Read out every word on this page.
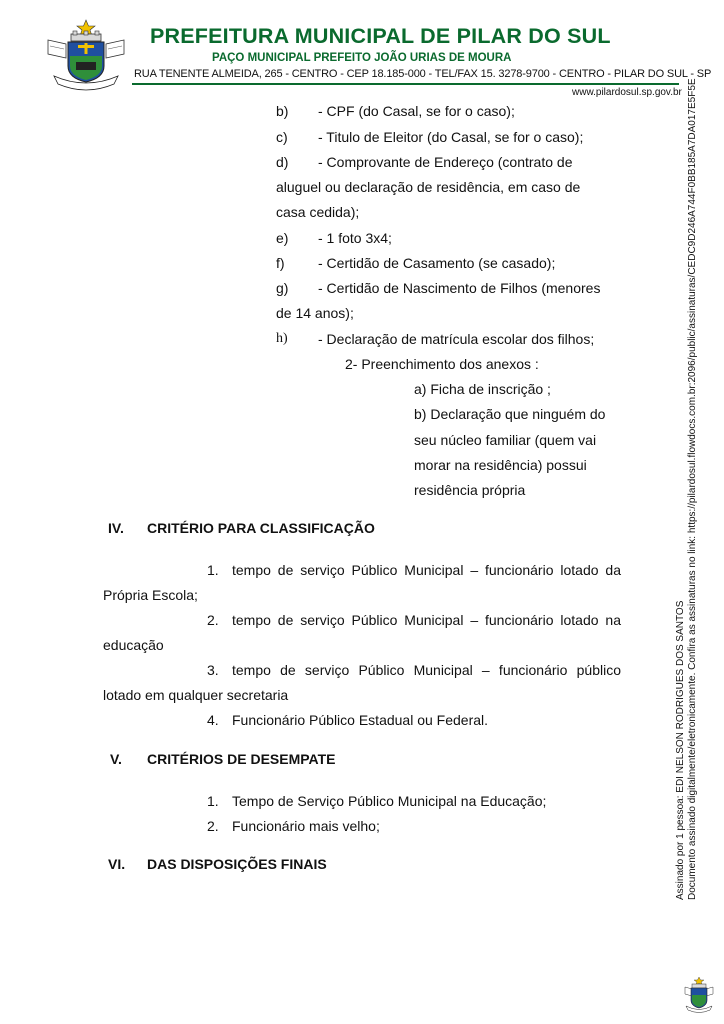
PREFEITURA MUNICIPAL DE PILAR DO SUL
PAÇO MUNICIPAL PREFEITO JOÃO URIAS DE MOURA
RUA TENENTE ALMEIDA, 265 - CENTRO - CEP 18.185-000 - TEL/FAX 15. 3278-9700 - CENTRO - PILAR DO SUL - SP
www.pilardosul.sp.gov.br
b) - CPF (do Casal, se for o caso);
c) - Titulo de Eleitor (do Casal, se for o caso);
d) - Comprovante de Endereço (contrato de
aluguel ou declaração de residência, em caso de
casa cedida);
e) - 1 foto 3x4;
f) - Certidão de Casamento (se casado);
g) - Certidão de Nascimento de Filhos (menores
de 14 anos);
h) - Declaração de matrícula escolar dos filhos;
2- Preenchimento dos anexos :
a) Ficha de inscrição ;
b) Declaração que ninguém do
seu núcleo familiar (quem vai
morar na residência) possui
residência própria
IV. CRITÉRIO PARA CLASSIFICAÇÃO
1. tempo de serviço Público Municipal – funcionário lotado da
Própria Escola;
2. tempo de serviço Público Municipal – funcionário lotado na
educação
3. tempo de serviço Público Municipal – funcionário público
lotado em qualquer secretaria
4. Funcionário Público Estadual ou Federal.
V. CRITÉRIOS DE DESEMPATE
1. Tempo de Serviço Público Municipal na Educação;
2. Funcionário mais velho;
VI. DAS DISPOSIÇÕES FINAIS	Assinado por 1 pessoa: EDI NELSON RODRIGUES DOS SANTOS Documento assinado digitalmente/eletronicamente. Confira as assinaturas no link: https://pilardosul.flowdocs.com.br:2096/public/assinaturas/CEDC9D246A744F0BB185A7DA017E5F5E
